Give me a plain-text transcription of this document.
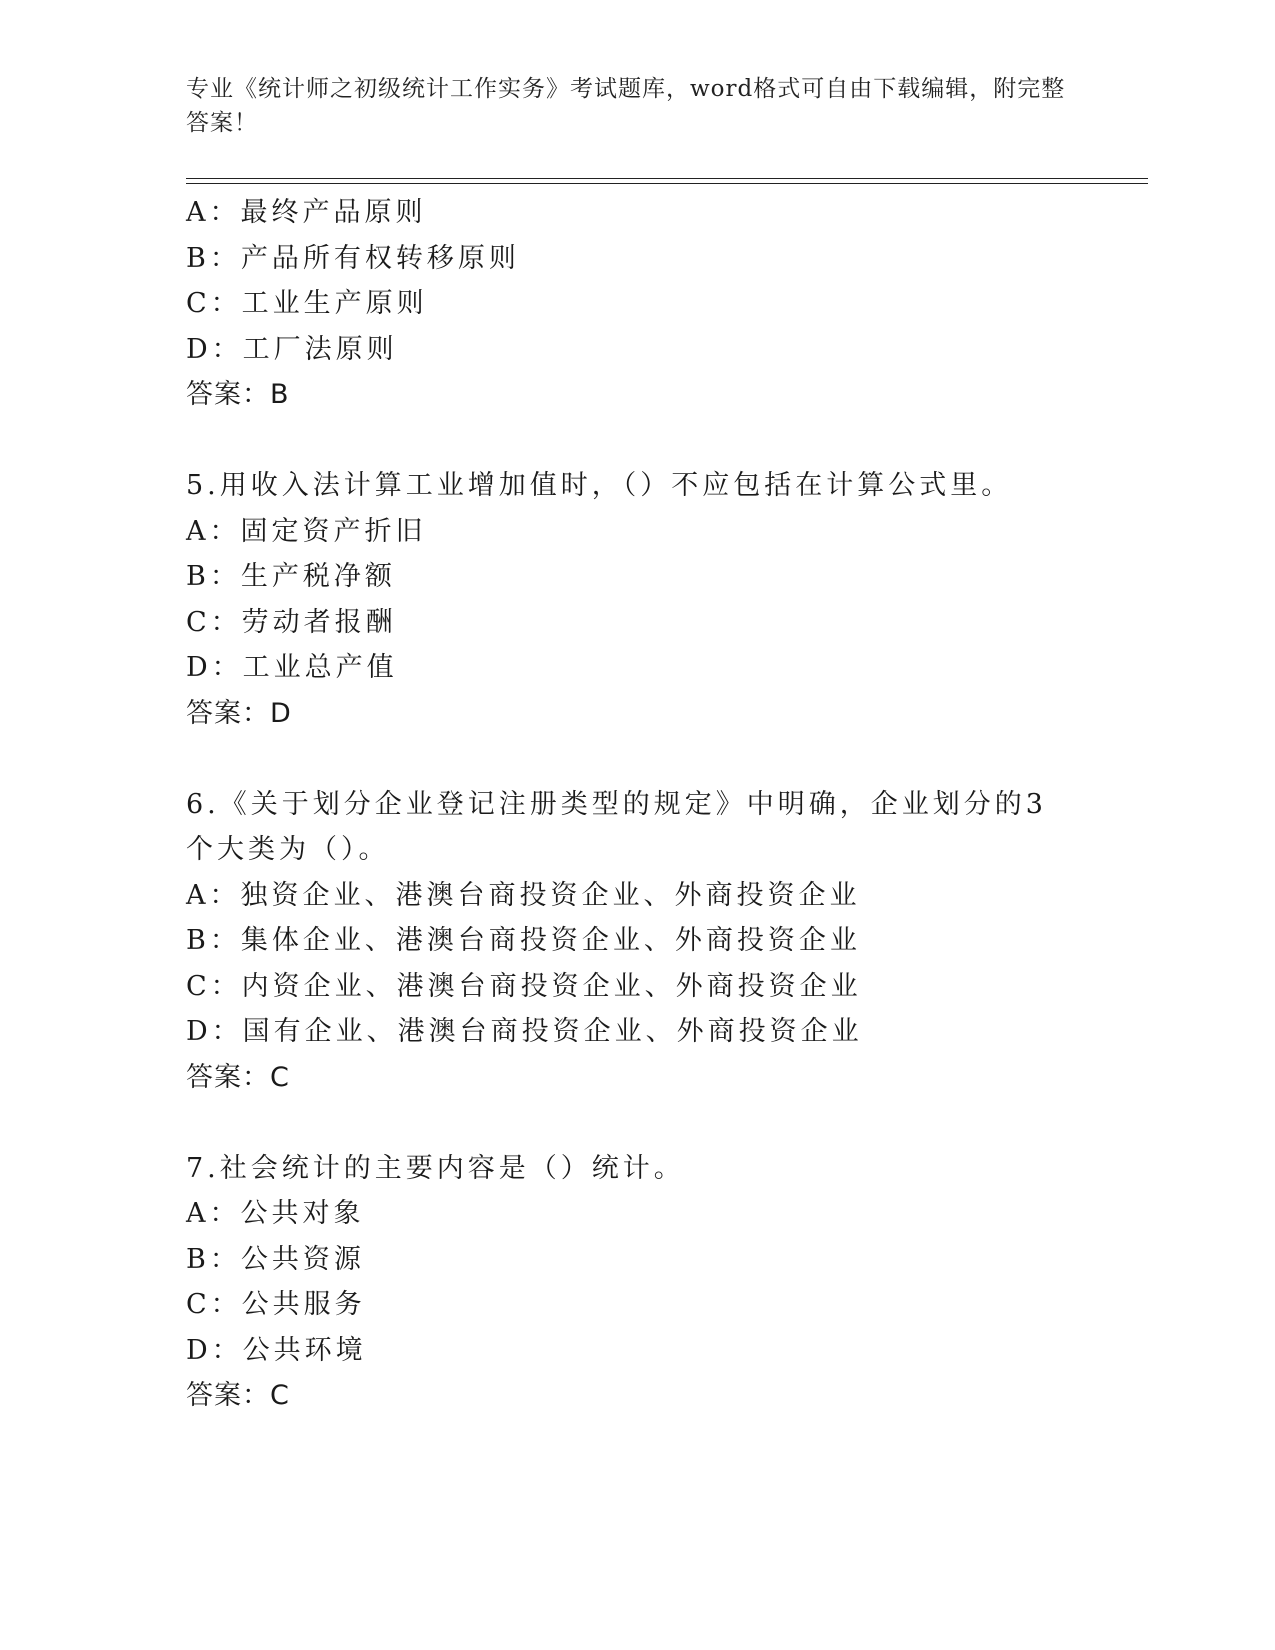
专业《统计师之初级统计工作实务》考试题库，word格式可自由下载编辑，附完整答案！
A：最终产品原则
B：产品所有权转移原则
C：工业生产原则
D：工厂法原则
答案：B
5.用收入法计算工业增加值时，（）不应包括在计算公式里。
A：固定资产折旧
B：生产税净额
C：劳动者报酬
D：工业总产值
答案：D
6.《关于划分企业登记注册类型的规定》中明确，企业划分的3个大类为（）。
A：独资企业、港澳台商投资企业、外商投资企业
B：集体企业、港澳台商投资企业、外商投资企业
C：内资企业、港澳台商投资企业、外商投资企业
D：国有企业、港澳台商投资企业、外商投资企业
答案：C
7.社会统计的主要内容是（）统计。
A：公共对象
B：公共资源
C：公共服务
D：公共环境
答案：C
